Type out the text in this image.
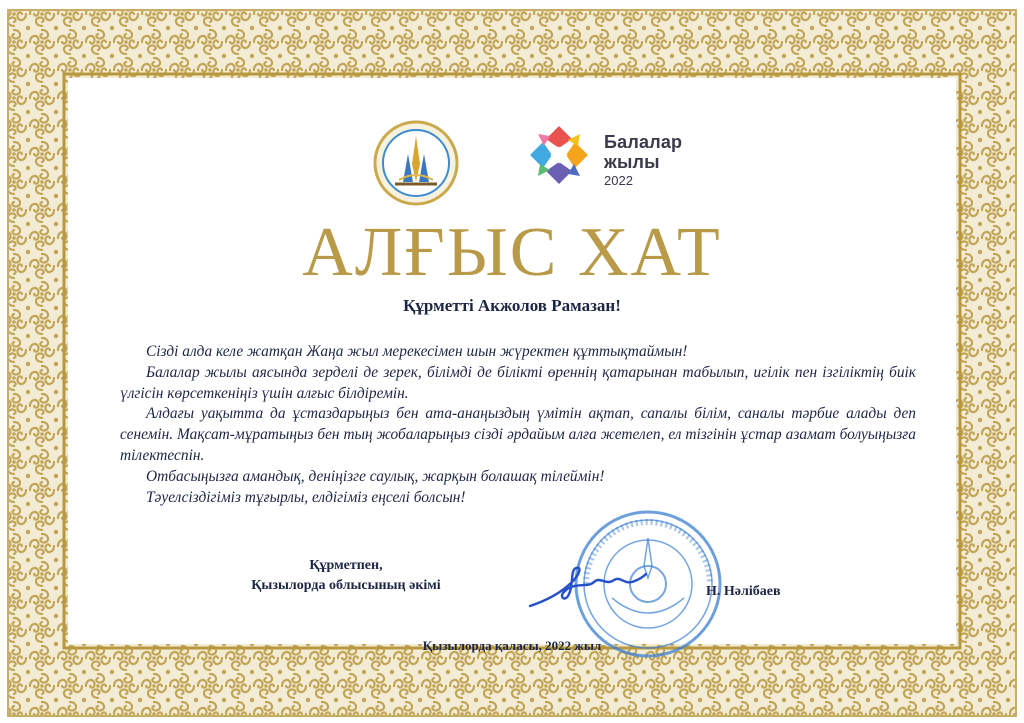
Балалар
жылы
2022
АЛҒЫС ХАТ
Құрметті Акжолов Рамазан!

Сізді алда келе жатқан Жаңа жыл мерекесімен шын жүректен құттықтаймын!

Балалар жылы аясында зерделі де зерек, білімді де білікті өреннің қатарынан табылып, игілік пен ізгіліктің биік үлгісін көрсеткеніңіз үшін алғыс білдіремін.

Алдағы уақытта да ұстаздарыңыз бен ата-анаңыздың үмітін ақтап, сапалы білім, саналы тәрбие алады деп сенемін. Мақсат-мұратыңыз бен тың жобаларыңыз сізді әрдайым алға жетелеп, ел тізгінін ұстар азамат болуыңызға тілектеспін.

Отбасыңызға амандық, деніңізге саулық, жарқын болашақ тілеймін!

Тәуелсіздігіміз тұғырлы, елдігіміз еңселі болсын!

Құрметпен,
Қызылорда облысының әкімі	Н. Нәлібаев
Қызылорда қаласы, 2022 жыл
